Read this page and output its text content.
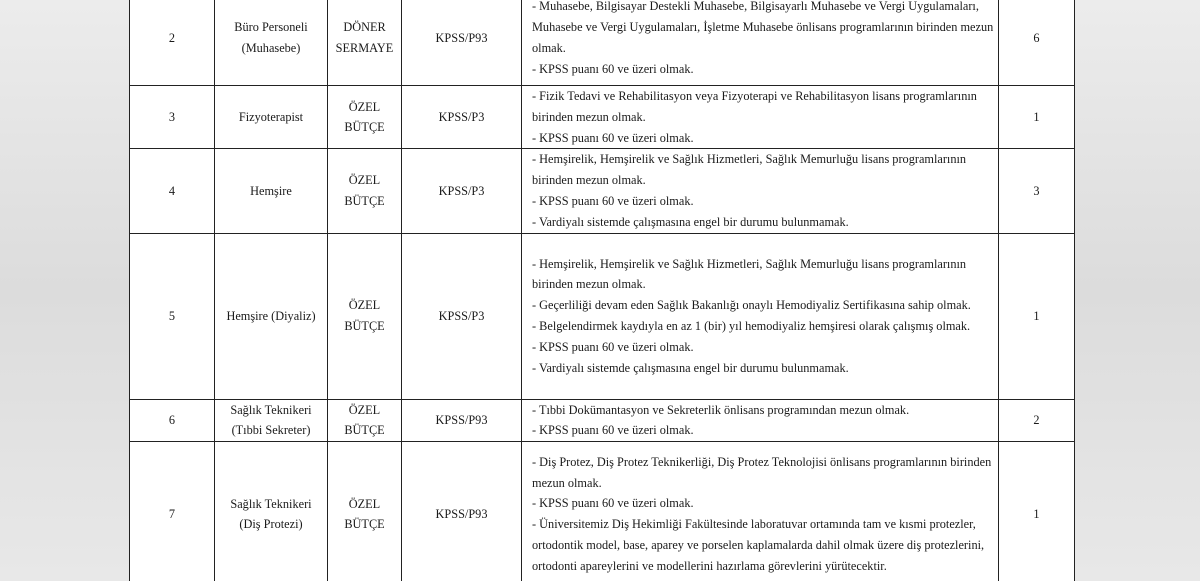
2	Büro Personeli
(Muhasebe)	DÖNER
SERMAYE	KPSS/P93	- Muhasebe, Bilgisayar Destekli Muhasebe, Bilgisayarlı Muhasebe ve Vergi Uygulamaları, Muhasebe ve Vergi Uygulamaları, İşletme Muhasebe önlisans programlarının birinden mezun olmak.
- KPSS puanı 60 ve üzeri olmak.	6
3	Fizyoterapist	ÖZEL
BÜTÇE	KPSS/P3	- Fizik Tedavi ve Rehabilitasyon veya Fizyoterapi ve Rehabilitasyon lisans programlarının birinden mezun olmak.
- KPSS puanı 60 ve üzeri olmak.	1
4	Hemşire	ÖZEL
BÜTÇE	KPSS/P3	- Hemşirelik, Hemşirelik ve Sağlık Hizmetleri, Sağlık Memurluğu lisans programlarının birinden mezun olmak.
- KPSS puanı 60 ve üzeri olmak.
- Vardiyalı sistemde çalışmasına engel bir durumu bulunmamak.	3
5	Hemşire (Diyaliz)	ÖZEL
BÜTÇE	KPSS/P3	- Hemşirelik, Hemşirelik ve Sağlık Hizmetleri, Sağlık Memurluğu lisans programlarının birinden mezun olmak.
- Geçerliliği devam eden Sağlık Bakanlığı onaylı Hemodiyaliz Sertifikasına sahip olmak.
- Belgelendirmek kaydıyla en az 1 (bir) yıl hemodiyaliz hemşiresi olarak çalışmış olmak.
- KPSS puanı 60 ve üzeri olmak.
- Vardiyalı sistemde çalışmasına engel bir durumu bulunmamak.	1
6	Sağlık Teknikeri
(Tıbbi Sekreter)	ÖZEL
BÜTÇE	KPSS/P93	- Tıbbi Dokümantasyon ve Sekreterlik önlisans programından mezun olmak.
- KPSS puanı 60 ve üzeri olmak.	2
7	Sağlık Teknikeri
(Diş Protezi)	ÖZEL
BÜTÇE	KPSS/P93	- Diş Protez, Diş Protez Teknikerliği, Diş Protez Teknolojisi önlisans programlarının birinden mezun olmak.
- KPSS puanı 60 ve üzeri olmak.
- Üniversitemiz Diş Hekimliği Fakültesinde laboratuvar ortamında tam ve kısmi protezler, ortodontik model, base, aparey ve porselen kaplamalarda dahil olmak üzere diş protezlerini, ortodonti apareylerini ve modellerini hazırlama görevlerini yürütecektir.	1
